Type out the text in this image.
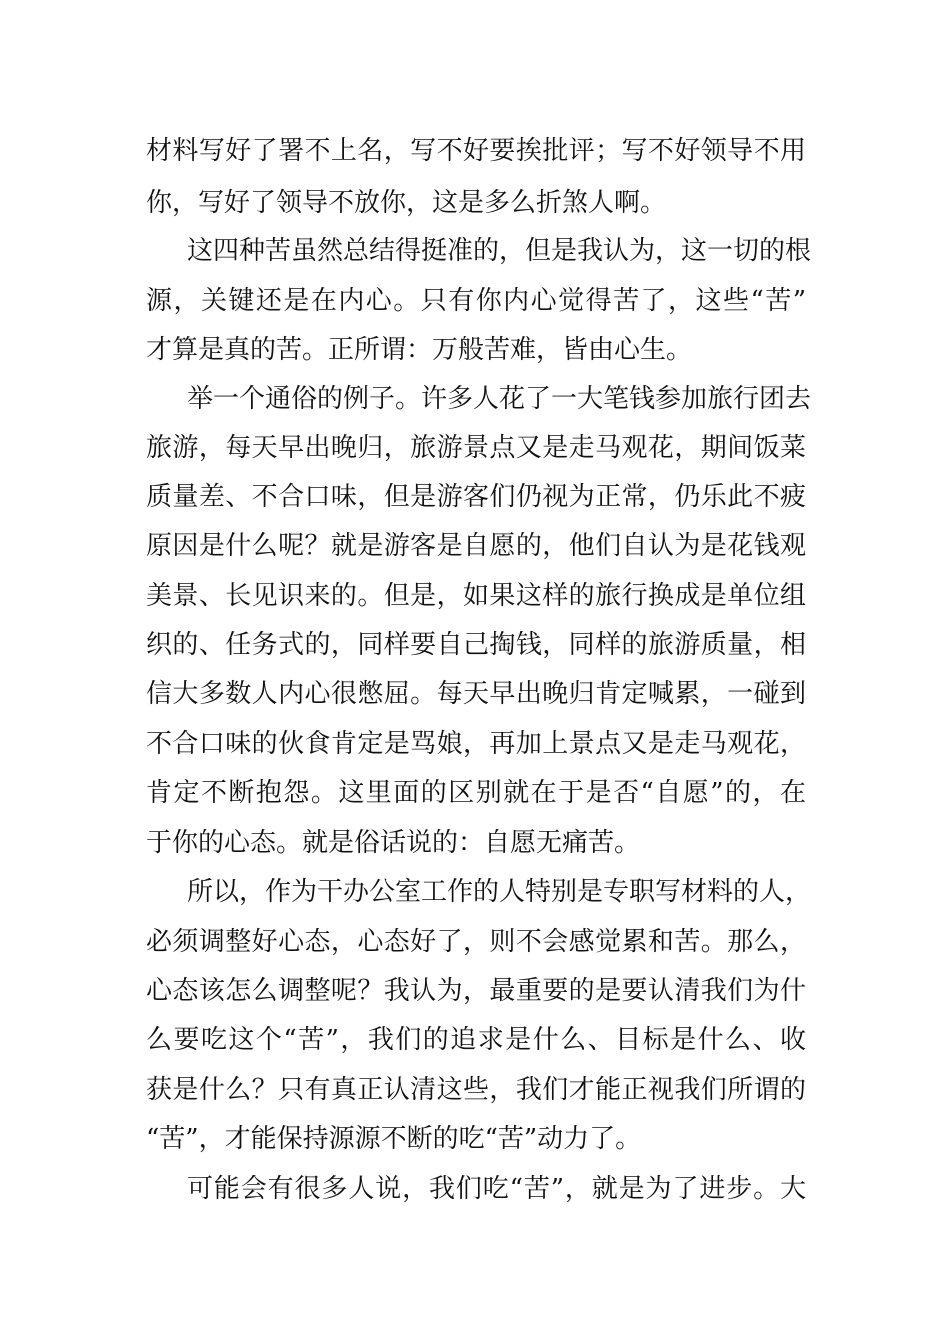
材料写好了署不上名，写不好要挨批评；写不好领导不用
你，写好了领导不放你，这是多么折煞人啊。
这四种苦虽然总结得挺准的，但是我认为，这一切的根
源，关键还是在内心。只有你内心觉得苦了，这些“苦”
才算是真的苦。正所谓：万般苦难，皆由心生。
举一个通俗的例子。许多人花了一大笔钱参加旅行团去
旅游，每天早出晚归，旅游景点又是走马观花，期间饭菜
质量差、不合口味，但是游客们仍视为正常，仍乐此不疲
原因是什么呢？就是游客是自愿的，他们自认为是花钱观
美景、长见识来的。但是，如果这样的旅行换成是单位组
织的、任务式的，同样要自己掏钱，同样的旅游质量，相
信大多数人内心很憋屈。每天早出晚归肯定喊累，一碰到
不合口味的伙食肯定是骂娘，再加上景点又是走马观花，
肯定不断抱怨。这里面的区别就在于是否“自愿”的，在
于你的心态。就是俗话说的：自愿无痛苦。
所以，作为干办公室工作的人特别是专职写材料的人，
必须调整好心态，心态好了，则不会感觉累和苦。那么，
心态该怎么调整呢？我认为，最重要的是要认清我们为什
么要吃这个“苦”，我们的追求是什么、目标是什么、收
获是什么？只有真正认清这些，我们才能正视我们所谓的
“苦”，才能保持源源不断的吃“苦”动力了。
可能会有很多人说，我们吃“苦”，就是为了进步。大
